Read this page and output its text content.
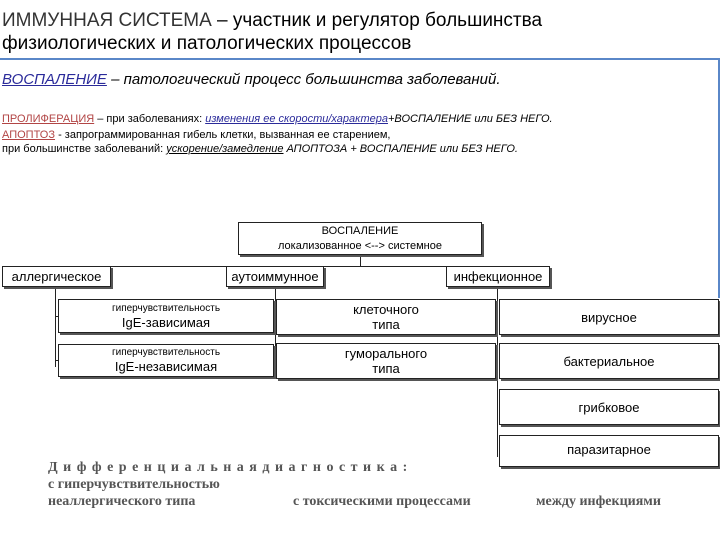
ИММУННАЯ СИСТЕМА – участник и регулятор большинства
физиологических и патологических процессов
ВОСПАЛЕНИЕ – патологический процесс большинства заболеваний.
ПРОЛИФЕРАЦИЯ – при заболеваниях: изменения ее скорости/характера+ВОСПАЛЕНИЕ или БЕЗ НЕГО.
АПОПТОЗ - запрограммированная гибель клетки, вызванная ее старением,
при большинстве заболеваний: ускорение/замедление АПОПТОЗА + ВОСПАЛЕНИЕ или БЕЗ НЕГО.
ВОСПАЛЕНИЕ
локализованное <--> системное
аллергическое	аутоиммунное	инфекционное
гиперчувствительность
IgE-зависимая
гиперчувствительность
IgE-независимая
клеточного
типа
гуморального
типа
вирусное
бактериальное
грибковое
паразитарное
Д и ф ф е р е н ц и а л ь н а я д и а г н о с т и к а :
с гиперчувствительностью
неаллергического типа	с токсическими процессами	между инфекциями
